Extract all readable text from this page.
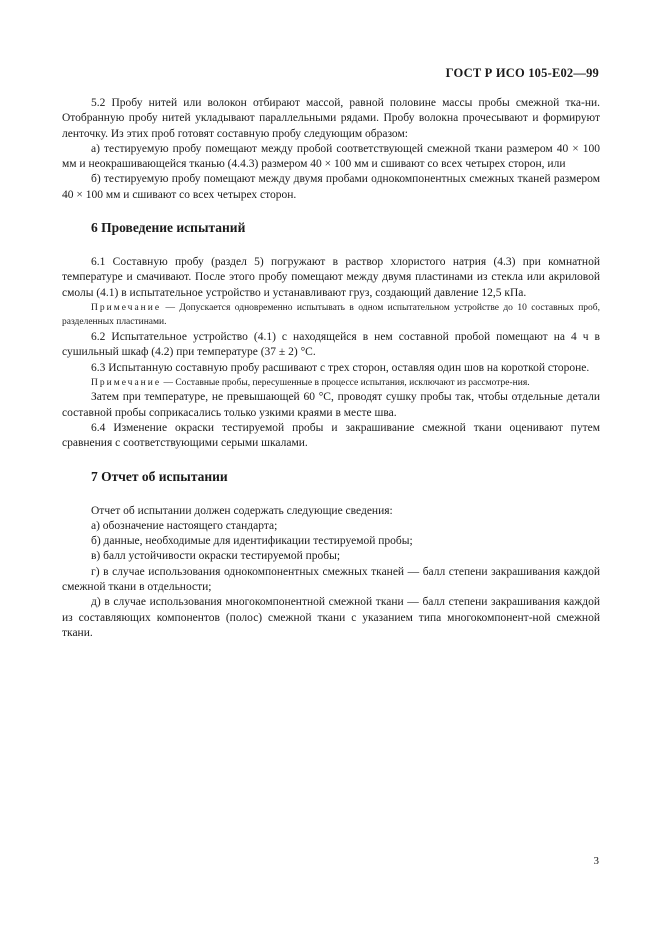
ГОСТ Р ИСО 105-Е02—99

5.2 Пробу нитей или волокон отбирают массой, равной половине массы пробы смежной тка-ни. Отобранную пробу нитей укладывают параллельными рядами. Пробу волокна прочесывают и формируют ленточку. Из этих проб готовят составную пробу следующим образом:

а) тестируемую пробу помещают между пробой соответствующей смежной ткани размером 40 × 100 мм и неокрашивающейся тканью (4.4.3) размером 40 × 100 мм и сшивают со всех четырех сторон, или

б) тестируемую пробу помещают между двумя пробами однокомпонентных смежных тканей размером 40 × 100 мм и сшивают со всех четырех сторон.

6 Проведение испытаний

6.1 Составную пробу (раздел 5) погружают в раствор хлористого натрия (4.3) при комнатной температуре и смачивают. После этого пробу помещают между двумя пластинами из стекла или акриловой смолы (4.1) в испытательное устройство и устанавливают груз, создающий давление 12,5 кПа.

Примечание — Допускается одновременно испытывать в одном испытательном устройстве до 10 составных проб, разделенных пластинами.

6.2 Испытательное устройство (4.1) с находящейся в нем составной пробой помещают на 4 ч в сушильный шкаф (4.2) при температуре (37 ± 2) °С.

6.3 Испытанную составную пробу расшивают с трех сторон, оставляя один шов на короткой стороне.

Примечание — Составные пробы, пересушенные в процессе испытания, исключают из рассмотре-ния.

Затем при температуре, не превышающей 60 °С, проводят сушку пробы так, чтобы отдельные детали составной пробы соприкасались только узкими краями в месте шва.

6.4 Изменение окраски тестируемой пробы и закрашивание смежной ткани оценивают путем сравнения с соответствующими серыми шкалами.

7 Отчет об испытании

Отчет об испытании должен содержать следующие сведения:

а) обозначение настоящего стандарта;

б) данные, необходимые для идентификации тестируемой пробы;

в) балл устойчивости окраски тестируемой пробы;

г) в случае использования однокомпонентных смежных тканей — балл степени закрашивания каждой смежной ткани в отдельности;

д) в случае использования многокомпонентной смежной ткани — балл степени закрашивания каждой из составляющих компонентов (полос) смежной ткани с указанием типа многокомпонент-ной смежной ткани.

3
